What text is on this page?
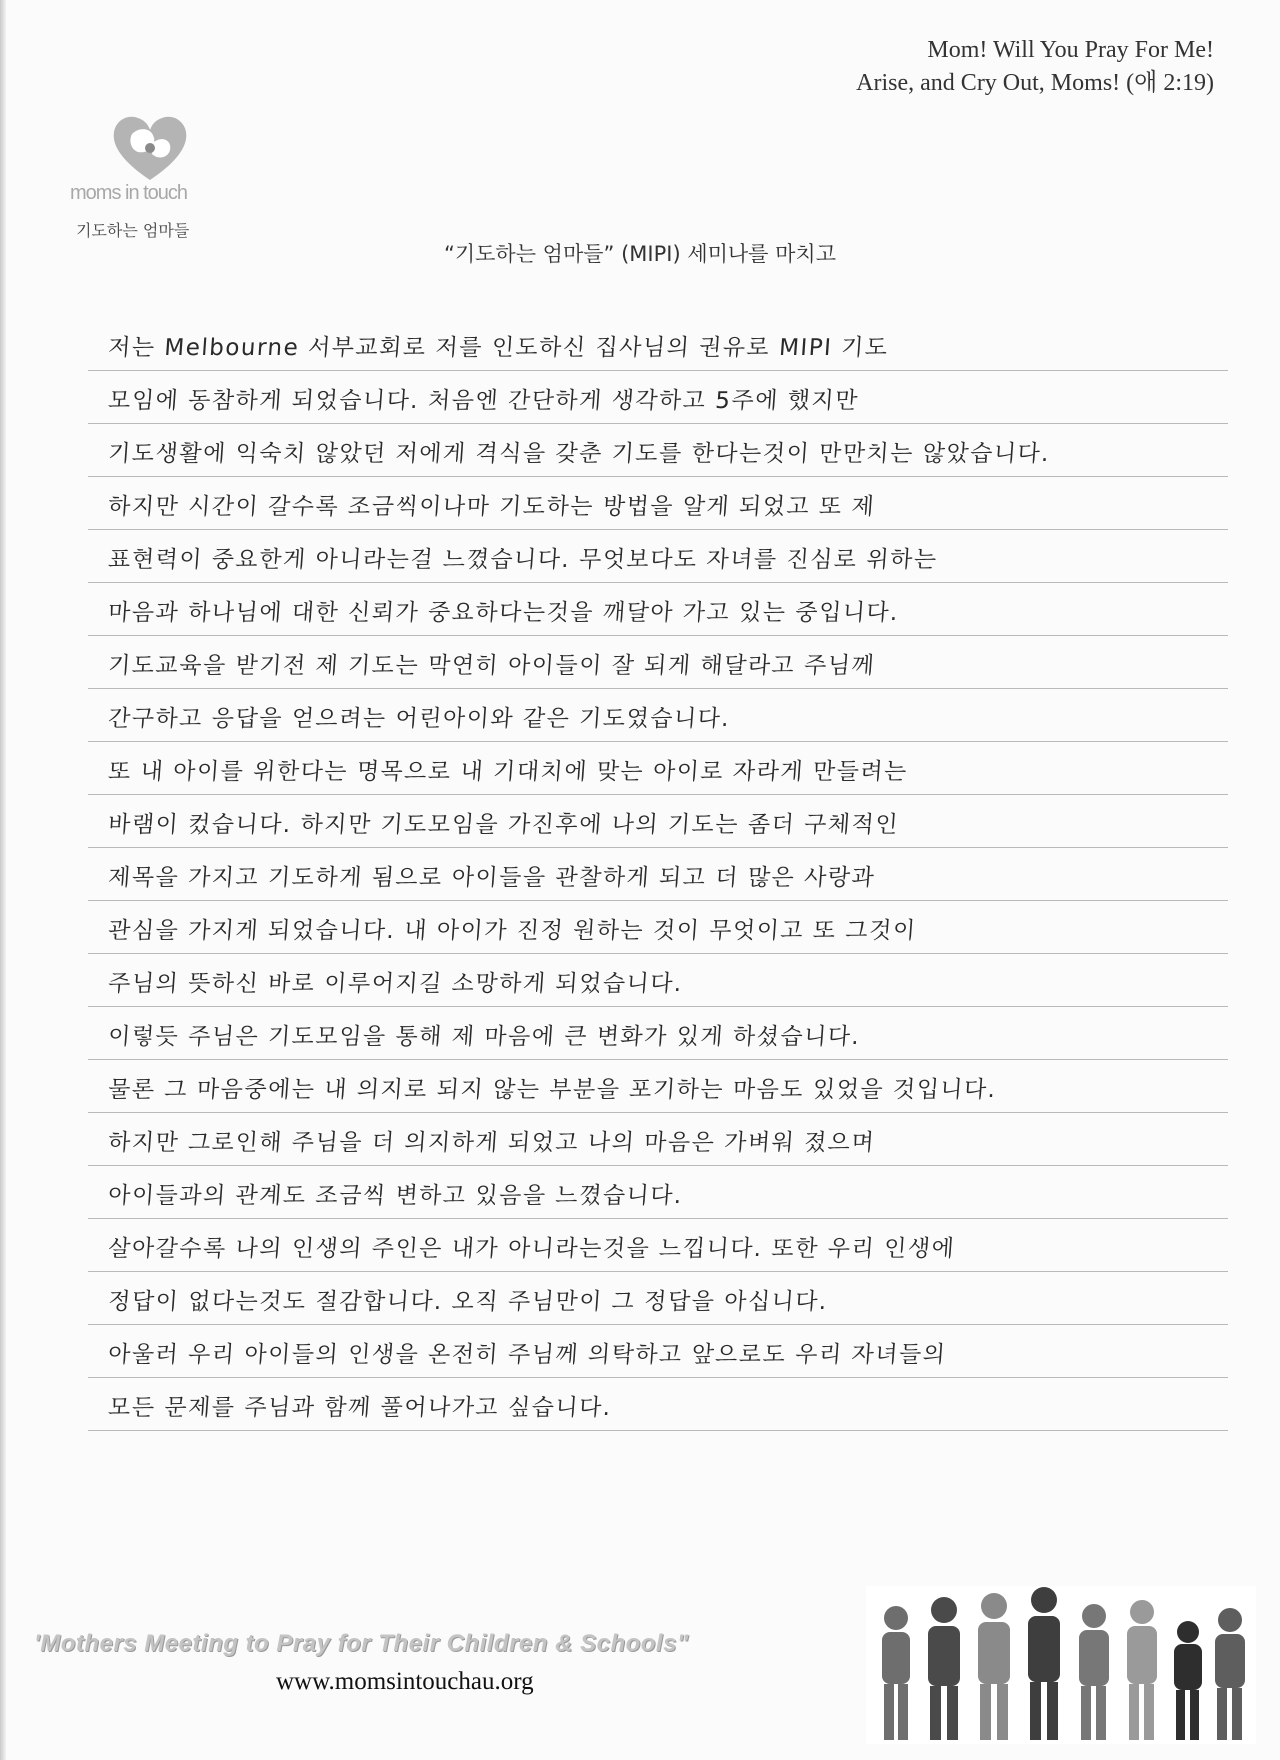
Mom! Will You Pray For Me!
Arise, and Cry Out, Moms! (애 2:19)
moms in touch
기도하는 엄마들
“기도하는 엄마들” (MIPI) 세미나를 마치고
저는 Melbourne 서부교회로 저를 인도하신 집사님의 권유로 MIPI 기도
모임에 동참하게 되었습니다. 처음엔 간단하게 생각하고 5주에 했지만
기도생활에 익숙치 않았던 저에게 격식을 갖춘 기도를 한다는것이 만만치는 않았습니다.
하지만 시간이 갈수록 조금씩이나마 기도하는 방법을 알게 되었고 또 제
표현력이 중요한게 아니라는걸 느꼈습니다. 무엇보다도 자녀를 진심로 위하는
마음과 하나님에 대한 신뢰가 중요하다는것을 깨달아 가고 있는 중입니다.
기도교육을 받기전 제 기도는 막연히 아이들이 잘 되게 해달라고 주님께
간구하고 응답을 얻으려는 어린아이와 같은 기도였습니다.
또 내 아이를 위한다는 명목으로 내 기대치에 맞는 아이로 자라게 만들려는
바램이 컸습니다. 하지만 기도모임을 가진후에 나의 기도는 좀더 구체적인
제목을 가지고 기도하게 됨으로 아이들을 관찰하게 되고 더 많은 사랑과
관심을 가지게 되었습니다. 내 아이가 진정 원하는 것이 무엇이고 또 그것이
주님의 뜻하신 바로 이루어지길 소망하게 되었습니다.
이렇듯 주님은 기도모임을 통해 제 마음에 큰 변화가 있게 하셨습니다.
물론 그 마음중에는 내 의지로 되지 않는 부분을 포기하는 마음도 있었을 것입니다.
하지만 그로인해 주님을 더 의지하게 되었고 나의 마음은 가벼워 졌으며
아이들과의 관계도 조금씩 변하고 있음을 느꼈습니다.
살아갈수록 나의 인생의 주인은 내가 아니라는것을 느낍니다. 또한 우리 인생에
정답이 없다는것도 절감합니다. 오직 주님만이 그 정답을 아십니다.
아울러 우리 아이들의 인생을 온전히 주님께 의탁하고 앞으로도 우리 자녀들의
모든 문제를 주님과 함께 풀어나가고 싶습니다.
'Mothers Meeting to Pray for Their Children & Schools"
www.momsintouchau.org
